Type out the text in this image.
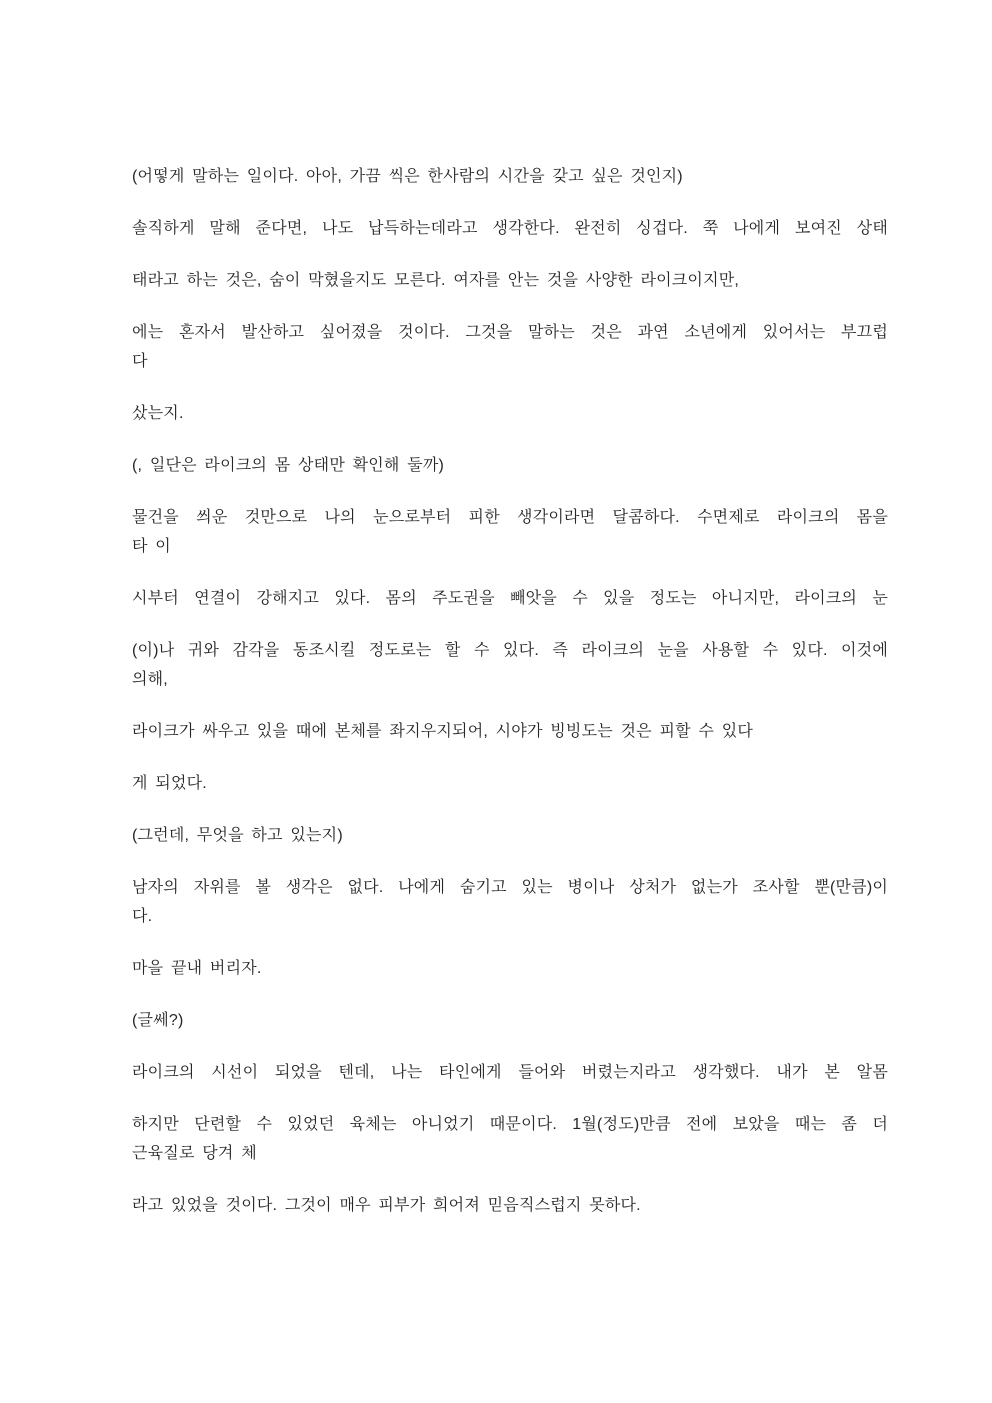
(어떻게 말하는 일이다. 아아, 가끔 씩은 한사람의 시간을 갖고 싶은 것인지)

솔직하게 말해 준다면, 나도 납득하는데라고 생각한다. 완전히 싱겁다. 쭉 나에게 보여진 상태

태라고 하는 것은, 숨이 막혔을지도 모른다. 여자를 안는 것을 사양한 라이크이지만,

에는 혼자서 발산하고 싶어졌을 것이다. 그것을 말하는 것은 과연 소년에게 있어서는 부끄럽
다

샀는지.

(, 일단은 라이크의 몸 상태만 확인해 둘까)

물건을 씌운 것만으로 나의 눈으로부터 피한 생각이라면 달콤하다. 수면제로 라이크의 몸을
타 이

시부터 연결이 강해지고 있다. 몸의 주도권을 빼앗을 수 있을 정도는 아니지만, 라이크의 눈

(이)나 귀와 감각을 동조시킬 정도로는 할 수 있다. 즉 라이크의 눈을 사용할 수 있다. 이것에
의해,

라이크가 싸우고 있을 때에 본체를 좌지우지되어, 시야가 빙빙도는 것은 피할 수 있다

게 되었다.

(그런데, 무엇을 하고 있는지)

남자의 자위를 볼 생각은 없다. 나에게 숨기고 있는 병이나 상처가 없는가 조사할 뿐(만큼)이
다.

마을 끝내 버리자.

(글쎄?)

라이크의 시선이 되었을 텐데, 나는 타인에게 들어와 버렸는지라고 생각했다. 내가 본 알몸

하지만 단련할 수 있었던 육체는 아니었기 때문이다. 1월(정도)만큼 전에 보았을 때는 좀 더
근육질로 당겨 체

라고 있었을 것이다. 그것이 매우 피부가 희어져 믿음직스럽지 못하다.
